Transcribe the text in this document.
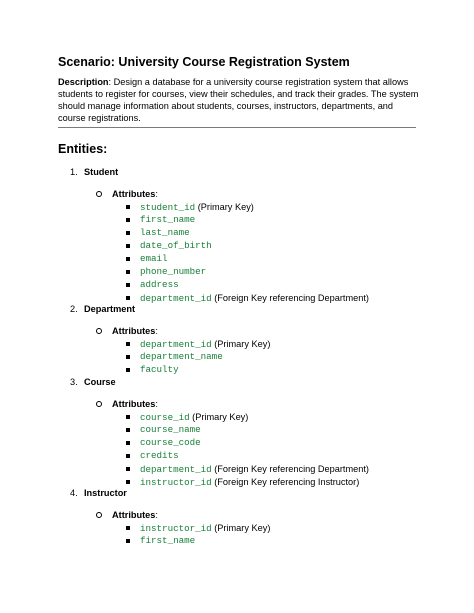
Scenario: University Course Registration System
Description: Design a database for a university course registration system that allows students to register for courses, view their schedules, and track their grades. The system should manage information about students, courses, instructors, departments, and course registrations.
Entities:
1. Student
Attributes:
student_id (Primary Key)
first_name
last_name
date_of_birth
email
phone_number
address
department_id (Foreign Key referencing Department)
2. Department
Attributes:
department_id (Primary Key)
department_name
faculty
3. Course
Attributes:
course_id (Primary Key)
course_name
course_code
credits
department_id (Foreign Key referencing Department)
instructor_id (Foreign Key referencing Instructor)
4. Instructor
Attributes:
instructor_id (Primary Key)
first_name
